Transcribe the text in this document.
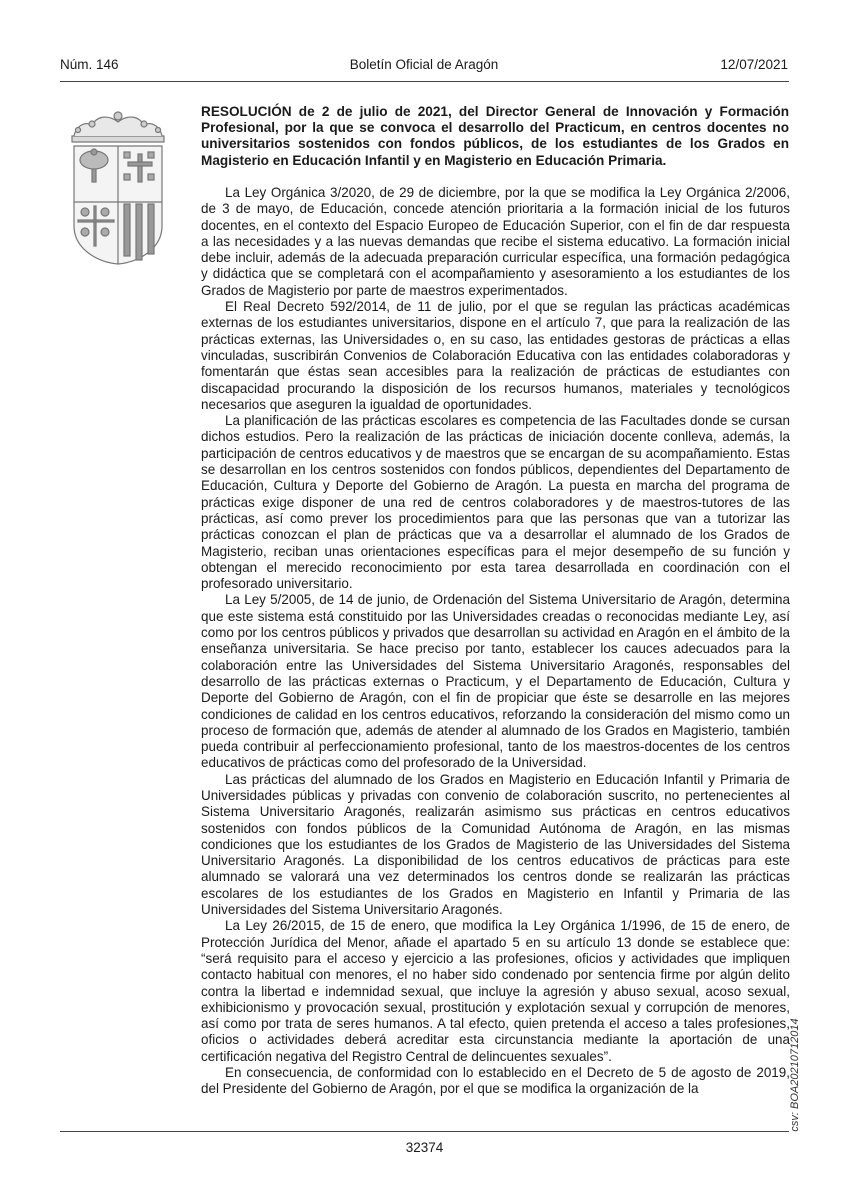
Núm. 146	Boletín Oficial de Aragón	12/07/2021
RESOLUCIÓN de 2 de julio de 2021, del Director General de Innovación y Formación Profesional, por la que se convoca el desarrollo del Practicum, en centros docentes no universitarios sostenidos con fondos públicos, de los estudiantes de los Grados en Magisterio en Educación Infantil y en Magisterio en Educación Primaria.

La Ley Orgánica 3/2020, de 29 de diciembre, por la que se modifica la Ley Orgánica 2/2006, de 3 de mayo, de Educación, concede atención prioritaria a la formación inicial de los futuros docentes, en el contexto del Espacio Europeo de Educación Superior, con el fin de dar respuesta a las necesidades y a las nuevas demandas que recibe el sistema educativo. La formación inicial debe incluir, además de la adecuada preparación curricular específica, una formación pedagógica y didáctica que se completará con el acompañamiento y asesoramiento a los estudiantes de los Grados de Magisterio por parte de maestros experimentados.

El Real Decreto 592/2014, de 11 de julio, por el que se regulan las prácticas académicas externas de los estudiantes universitarios, dispone en el artículo 7, que para la realización de las prácticas externas, las Universidades o, en su caso, las entidades gestoras de prácticas a ellas vinculadas, suscribirán Convenios de Colaboración Educativa con las entidades colaboradoras y fomentarán que éstas sean accesibles para la realización de prácticas de estudiantes con discapacidad procurando la disposición de los recursos humanos, materiales y tecnológicos necesarios que aseguren la igualdad de oportunidades.

La planificación de las prácticas escolares es competencia de las Facultades donde se cursan dichos estudios. Pero la realización de las prácticas de iniciación docente conlleva, además, la participación de centros educativos y de maestros que se encargan de su acompañamiento. Estas se desarrollan en los centros sostenidos con fondos públicos, dependientes del Departamento de Educación, Cultura y Deporte del Gobierno de Aragón. La puesta en marcha del programa de prácticas exige disponer de una red de centros colaboradores y de maestros-tutores de las prácticas, así como prever los procedimientos para que las personas que van a tutorizar las prácticas conozcan el plan de prácticas que va a desarrollar el alumnado de los Grados de Magisterio, reciban unas orientaciones específicas para el mejor desempeño de su función y obtengan el merecido reconocimiento por esta tarea desarrollada en coordinación con el profesorado universitario.

La Ley 5/2005, de 14 de junio, de Ordenación del Sistema Universitario de Aragón, determina que este sistema está constituido por las Universidades creadas o reconocidas mediante Ley, así como por los centros públicos y privados que desarrollan su actividad en Aragón en el ámbito de la enseñanza universitaria. Se hace preciso por tanto, establecer los cauces adecuados para la colaboración entre las Universidades del Sistema Universitario Aragonés, responsables del desarrollo de las prácticas externas o Practicum, y el Departamento de Educación, Cultura y Deporte del Gobierno de Aragón, con el fin de propiciar que éste se desarrolle en las mejores condiciones de calidad en los centros educativos, reforzando la consideración del mismo como un proceso de formación que, además de atender al alumnado de los Grados en Magisterio, también pueda contribuir al perfeccionamiento profesional, tanto de los maestros-docentes de los centros educativos de prácticas como del profesorado de la Universidad.

Las prácticas del alumnado de los Grados en Magisterio en Educación Infantil y Primaria de Universidades públicas y privadas con convenio de colaboración suscrito, no pertenecientes al Sistema Universitario Aragonés, realizarán asimismo sus prácticas en centros educativos sostenidos con fondos públicos de la Comunidad Autónoma de Aragón, en las mismas condiciones que los estudiantes de los Grados de Magisterio de las Universidades del Sistema Universitario Aragonés. La disponibilidad de los centros educativos de prácticas para este alumnado se valorará una vez determinados los centros donde se realizarán las prácticas escolares de los estudiantes de los Grados en Magisterio en Infantil y Primaria de las Universidades del Sistema Universitario Aragonés.

La Ley 26/2015, de 15 de enero, que modifica la Ley Orgánica 1/1996, de 15 de enero, de Protección Jurídica del Menor, añade el apartado 5 en su artículo 13 donde se establece que: “será requisito para el acceso y ejercicio a las profesiones, oficios y actividades que impliquen contacto habitual con menores, el no haber sido condenado por sentencia firme por algún delito contra la libertad e indemnidad sexual, que incluye la agresión y abuso sexual, acoso sexual, exhibicionismo y provocación sexual, prostitución y explotación sexual y corrupción de menores, así como por trata de seres humanos. A tal efecto, quien pretenda el acceso a tales profesiones, oficios o actividades deberá acreditar esta circunstancia mediante la aportación de una certificación negativa del Registro Central de delincuentes sexuales”.

En consecuencia, de conformidad con lo establecido en el Decreto de 5 de agosto de 2019, del Presidente del Gobierno de Aragón, por el que se modifica la organización de la	csv: BOA20210712014
32374
